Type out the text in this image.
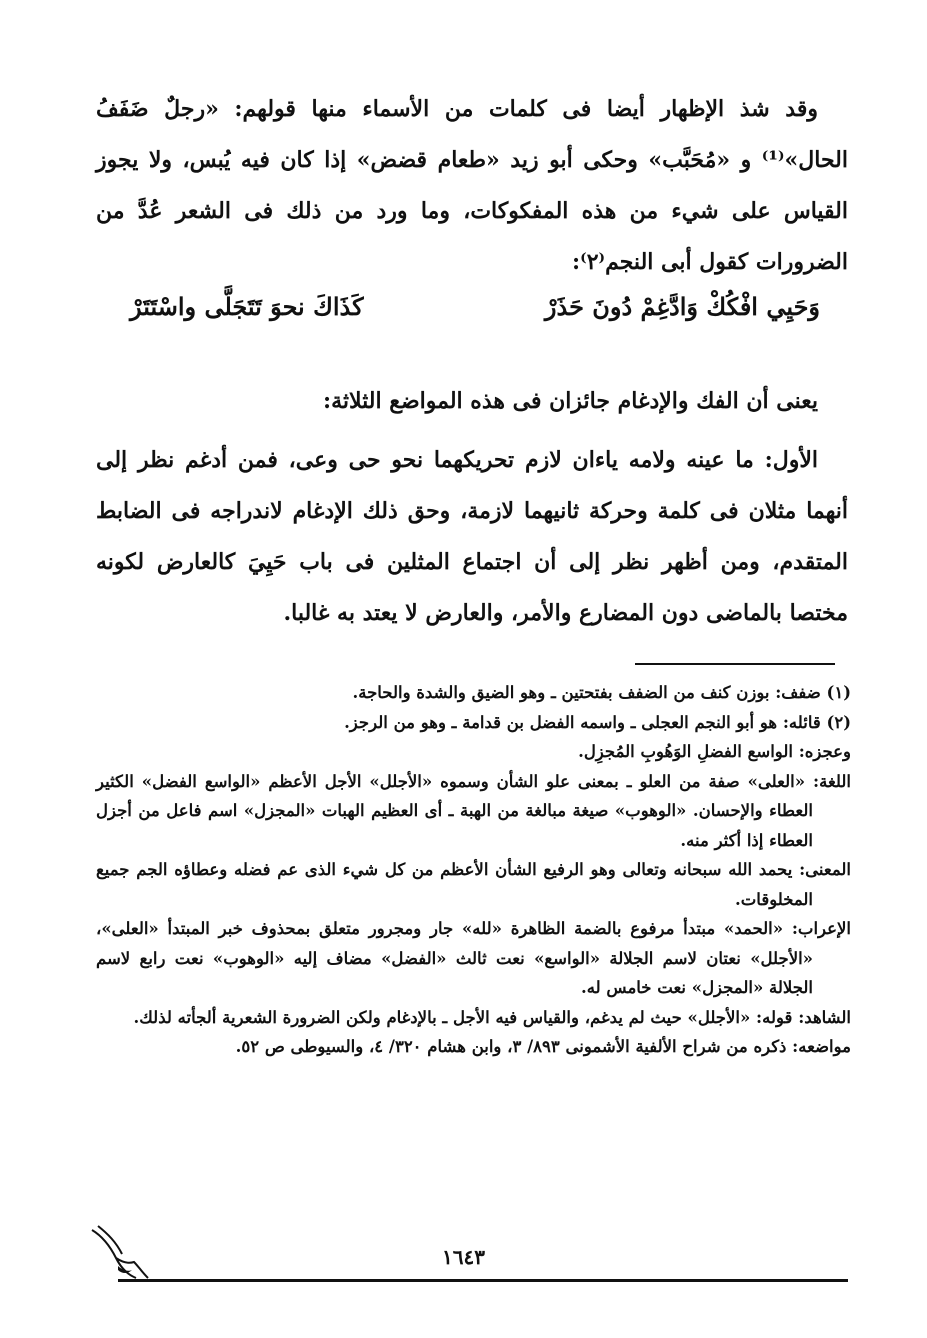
وقد شذ الإظهار أيضا فى كلمات من الأسماء منها قولهم: «رجلٌ ضَفَفُ الحال»⁽¹⁾ و «مُحَبَّب» وحكى أبو زيد «طعام قضض» إذا كان فيه يُبس، ولا يجوز القياس على شيء من هذه المفكوكات، وما ورد من ذلك فى الشعر عُدَّ من الضرورات كقول أبى النجم⁽٢⁾:

وَحَيِي افْكُكْ وَادَّغِمْ دُونَ حَذَرْ
كَذَاكَ نحوَ تَتَجَلَّى واسْتَتَرْ

يعنى أن الفك والإدغام جائزان فى هذه المواضع الثلاثة:

الأول: ما عينه ولامه ياءان لازم تحريكهما نحو حى وعى، فمن أدغم نظر إلى أنهما مثلان فى كلمة وحركة ثانيهما لازمة، وحق ذلك الإدغام لاندراجه فى الضابط المتقدم، ومن أظهر نظر إلى أن اجتماع المثلين فى باب حَيِيَ كالعارض لكونه مختصا بالماضى دون المضارع والأمر، والعارض لا يعتد به غالبا.

(١) ضفف: بوزن كنف من الضفف بفتحتين ـ وهو الضيق والشدة والحاجة.
(٢) قائله: هو أبو النجم العجلى ـ واسمه الفضل بن قدامة ـ وهو من الرجز.
وعجزه: الواسع الفضلِ الوَهُوبِ المُجزِل.
اللغة: «العلى» صفة من العلو ـ بمعنى علو الشأن وسموه «الأجلل» الأجل الأعظم «الواسع الفضل» الكثير العطاء والإحسان. «الوهوب» صيغة مبالغة من الهبة ـ أى العظيم الهبات «المجزل» اسم فاعل من أجزل العطاء إذا أكثر منه.
المعنى: يحمد الله سبحانه وتعالى وهو الرفيع الشأن الأعظم من كل شيء الذى عم فضله وعطاؤه الجم جميع المخلوقات.
الإعراب: «الحمد» مبتدأ مرفوع بالضمة الظاهرة «لله» جار ومجرور متعلق بمحذوف خبر المبتدأ «العلى»، «الأجلل» نعتان لاسم الجلالة «الواسع» نعت ثالث «الفضل» مضاف إليه «الوهوب» نعت رابع لاسم الجلالة «المجزل» نعت خامس له.
الشاهد: قوله: «الأجلل» حيث لم يدغم، والقياس فيه الأجل ـ بالإدغام ولكن الضرورة الشعرية ألجأته لذلك.
مواضعه: ذكره من شراح الألفية الأشمونى ٨٩٣/ ٣، وابن هشام ٣٢٠/ ٤، والسيوطى ص ٥٢.
١٦٤٣
